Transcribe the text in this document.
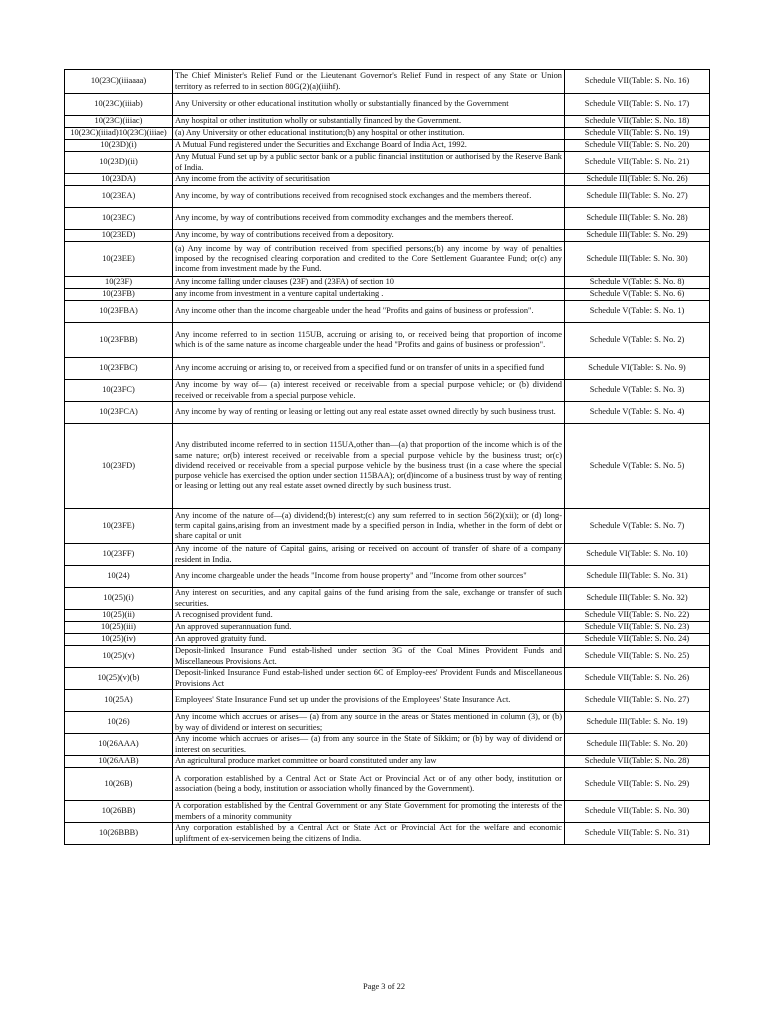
10(23C)(iiiaaaa)	The Chief Minister's Relief Fund or the Lieutenant Governor's Relief Fund in respect of any State or Union territory as referred to in section 80G(2)(a)(iiihf).	Schedule VII(Table: S. No. 16)
10(23C)(iiiab)	Any University or other educational institution wholly or substantially financed by the Government	Schedule VII(Table: S. No. 17)
10(23C)(iiiac)	Any hospital or other institution wholly or substantially financed by the Government.	Schedule VII(Table: S. No. 18)
10(23C)(iiiad)10(23C)(iiiae)	(a) Any University or other educational institution;(b) any hospital or other institution.	Schedule VII(Table: S. No. 19)
10(23D)(i)	A Mutual Fund registered under the Securities and Exchange Board of India Act, 1992.	Schedule VII(Table: S. No. 20)
10(23D)(ii)	Any Mutual Fund set up by a public sector bank or a public financial institution or authorised by the Reserve Bank of India.	Schedule VII(Table: S. No. 21)
10(23DA)	Any income from the activity of securitisation	Schedule III(Table: S. No. 26)
10(23EA)	Any income, by way of contributions received from recognised stock exchanges and the members thereof.	Schedule III(Table: S. No. 27)
10(23EC)	Any income, by way of contributions received from commodity exchanges and the members thereof.	Schedule III(Table: S. No. 28)
10(23ED)	Any income, by way of contributions received from a depository.	Schedule III(Table: S. No. 29)
10(23EE)	(a) Any income by way of contribution received from specified persons;(b) any income by way of penalties imposed by the recognised clearing corporation and credited to the Core Settlement Guarantee Fund; or(c) any income from investment made by the Fund.	Schedule III(Table: S. No. 30)
10(23F)	Any income falling under clauses (23F) and (23FA) of section 10	Schedule V(Table: S. No. 8)
10(23FB)	any income from investment in a venture capital undertaking .	Schedule V(Table: S. No. 6)
10(23FBA)	Any income other than the income chargeable under the head "Profits and gains of business or profession".	Schedule V(Table: S. No. 1)
10(23FBB)	Any income referred to in section 115UB, accruing or arising to, or received being that proportion of income which is of the same nature as income chargeable under the head "Profits and gains of business or profession".	Schedule V(Table: S. No. 2)
10(23FBC)	Any income accruing or arising to, or received from a specified fund or on transfer of units in a specified fund	Schedule VI(Table: S. No. 9)
10(23FC)	Any income by way of— (a) interest received or receivable from a special purpose vehicle; or (b) dividend received or receivable from a special purpose vehicle.	Schedule V(Table: S. No. 3)
10(23FCA)	Any income by way of renting or leasing or letting out any real estate asset owned directly by such business trust.	Schedule V(Table: S. No. 4)
10(23FD)	Any distributed income referred to in section 115UA,other than––(a) that proportion of the income which is of the same nature; or(b) interest received or receivable from a special purpose vehicle by the business trust; or(c) dividend received or receivable from a special purpose vehicle by the business trust (in a case where the special purpose vehicle has exercised the option under section 115BAA); or(d)income of a business trust by way of renting or leasing or letting out any real estate asset owned directly by such business trust.	Schedule V(Table: S. No. 5)
10(23FE)	Any income of the nature of—(a) dividend;(b) interest;(c) any sum referred to in section 56(2)(xii); or (d) long-term capital gains,arising from an investment made by a specified person in India, whether in the form of debt or share capital or unit	Schedule V(Table: S. No. 7)
10(23FF)	Any income of the nature of Capital gains, arising or received on account of transfer of share of a company resident in India.	Schedule VI(Table: S. No. 10)
10(24)	Any income chargeable under the heads "Income from house property" and "Income from other sources"	Schedule III(Table: S. No. 31)
10(25)(i)	Any interest on securities, and any capital gains of the fund arising from the sale, exchange or transfer of such securities.	Schedule III(Table: S. No. 32)
10(25)(ii)	A recognised provident fund.	Schedule VII(Table: S. No. 22)
10(25)(iii)	An approved superannuation fund.	Schedule VII(Table: S. No. 23)
10(25)(iv)	An approved gratuity fund.	Schedule VII(Table: S. No. 24)
10(25)(v)	Deposit-linked Insurance Fund estab-lished under section 3G of the Coal Mines Provident Funds and Miscellaneous Provisions Act.	Schedule VII(Table: S. No. 25)
10(25)(v)(b)	Deposit-linked Insurance Fund estab-lished under section 6C of Employ-ees' Provident Funds and Miscellaneous Provisions Act	Schedule VII(Table: S. No. 26)
10(25A)	Employees' State Insurance Fund set up under the provisions of the Employees' State Insurance Act.	Schedule VII(Table: S. No. 27)
10(26)	Any income which accrues or arises— (a) from any source in the areas or States mentioned in column (3), or (b) by way of dividend or interest on securities;	Schedule III(Table: S. No. 19)
10(26AAA)	Any income which accrues or arises— (a) from any source in the State of Sikkim; or (b) by way of dividend or interest on securities.	Schedule III(Table: S. No. 20)
10(26AAB)	An agricultural produce market committee or board constituted under any law	Schedule VII(Table: S. No. 28)
10(26B)	A corporation established by a Central Act or State Act or Provincial Act or of any other body, institution or association (being a body, institution or association wholly financed by the Government).	Schedule VII(Table: S. No. 29)
10(26BB)	A corporation established by the Central Government or any State Government for promoting the interests of the members of a minority community	Schedule VII(Table: S. No. 30)
10(26BBB)	Any corporation established by a Central Act or State Act or Provincial Act for the welfare and economic upliftment of ex-servicemen being the citizens of India.	Schedule VII(Table: S. No. 31)
Page 3 of 22
